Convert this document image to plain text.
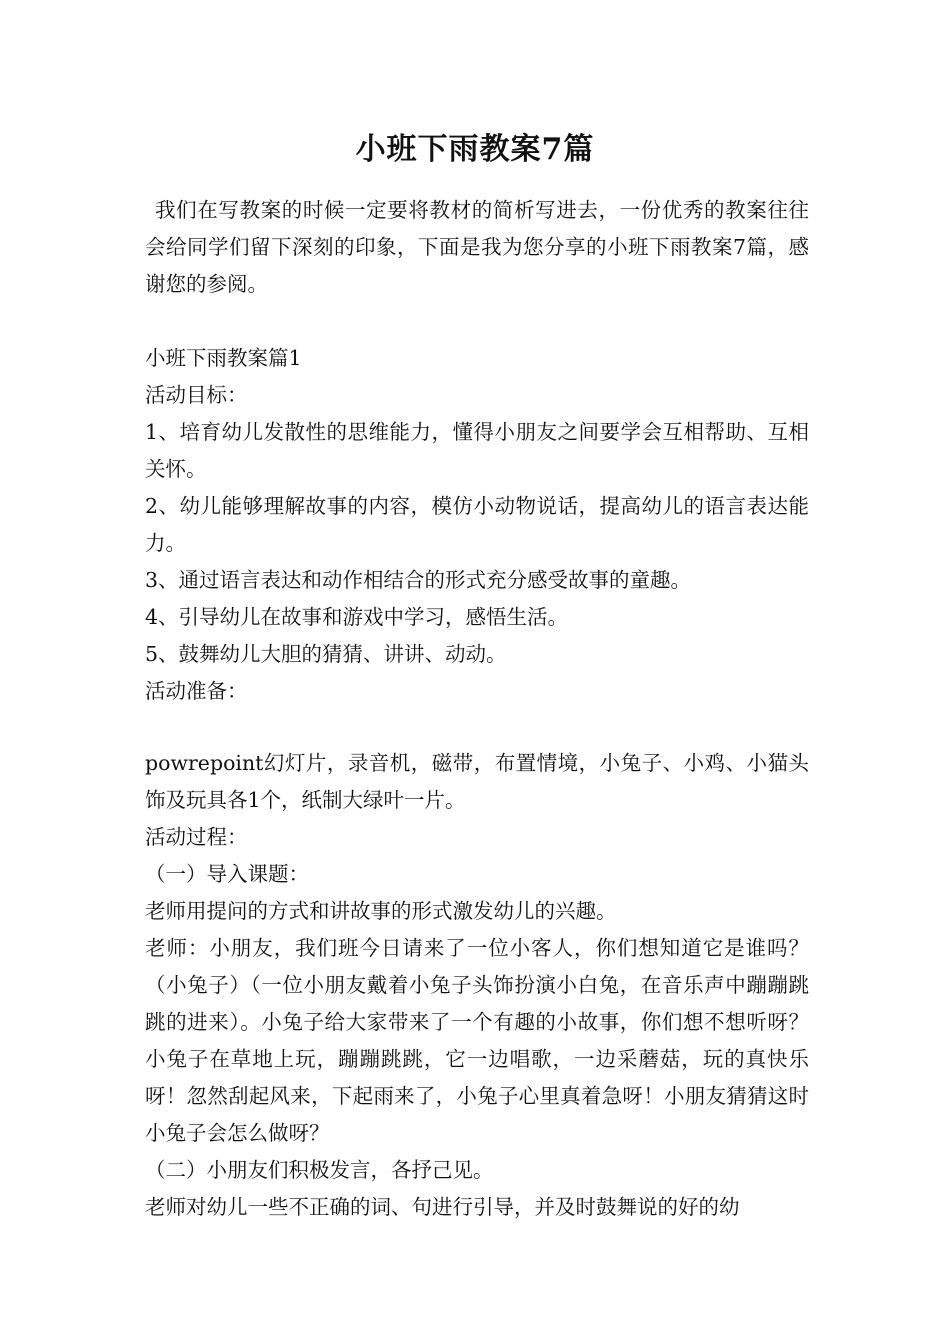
小班下雨教案7篇

我们在写教案的时候一定要将教材的简析写进去，一份优秀的教案往往会给同学们留下深刻的印象，下面是我为您分享的小班下雨教案7篇，感谢您的参阅。

小班下雨教案篇1

活动目标：

1、培育幼儿发散性的思维能力，懂得小朋友之间要学会互相帮助、互相关怀。

2、幼儿能够理解故事的内容，模仿小动物说话，提高幼儿的语言表达能力。

3、通过语言表达和动作相结合的形式充分感受故事的童趣。

4、引导幼儿在故事和游戏中学习，感悟生活。

5、鼓舞幼儿大胆的猜猜、讲讲、动动。

活动准备：

powrepoint幻灯片，录音机，磁带，布置情境，小兔子、小鸡、小猫头饰及玩具各1个，纸制大绿叶一片。

活动过程：

（一）导入课题：

老师用提问的方式和讲故事的形式激发幼儿的兴趣。

老师：小朋友，我们班今日请来了一位小客人，你们想知道它是谁吗？（小兔子）（一位小朋友戴着小兔子头饰扮演小白兔，在音乐声中蹦蹦跳跳的进来）。小兔子给大家带来了一个有趣的小故事，你们想不想听呀？小兔子在草地上玩，蹦蹦跳跳，它一边唱歌，一边采蘑菇，玩的真快乐呀！忽然刮起风来，下起雨来了，小兔子心里真着急呀！小朋友猜猜这时小兔子会怎么做呀？

（二）小朋友们积极发言，各抒己见。

老师对幼儿一些不正确的词、句进行引导，并及时鼓舞说的好的幼
